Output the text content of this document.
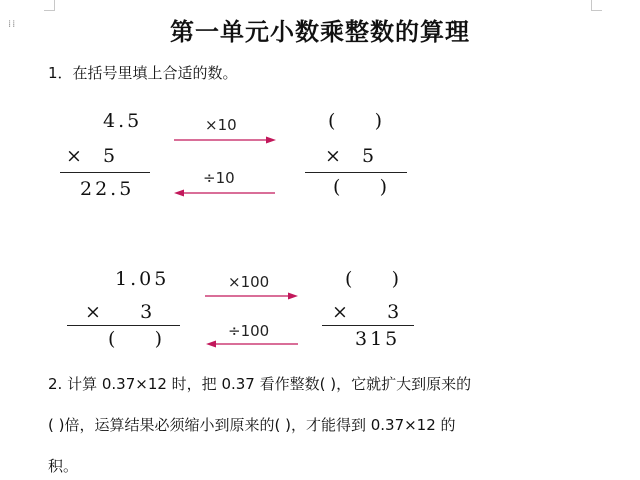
⁞⁞	第一单元小数乘整数的算理
1．在括号里填上合适的数。
4.5
×  5
22.5
×10
÷10
(    )
×  5
(    )
1.05
×    3
(    )
×100
÷100
(    )
×    3
315
2. 计算 0.37×12 时，把 0.37 看作整数( )，它就扩大到原来的
( )倍，运算结果必须缩小到原来的( )，才能得到 0.37×12 的
积。
